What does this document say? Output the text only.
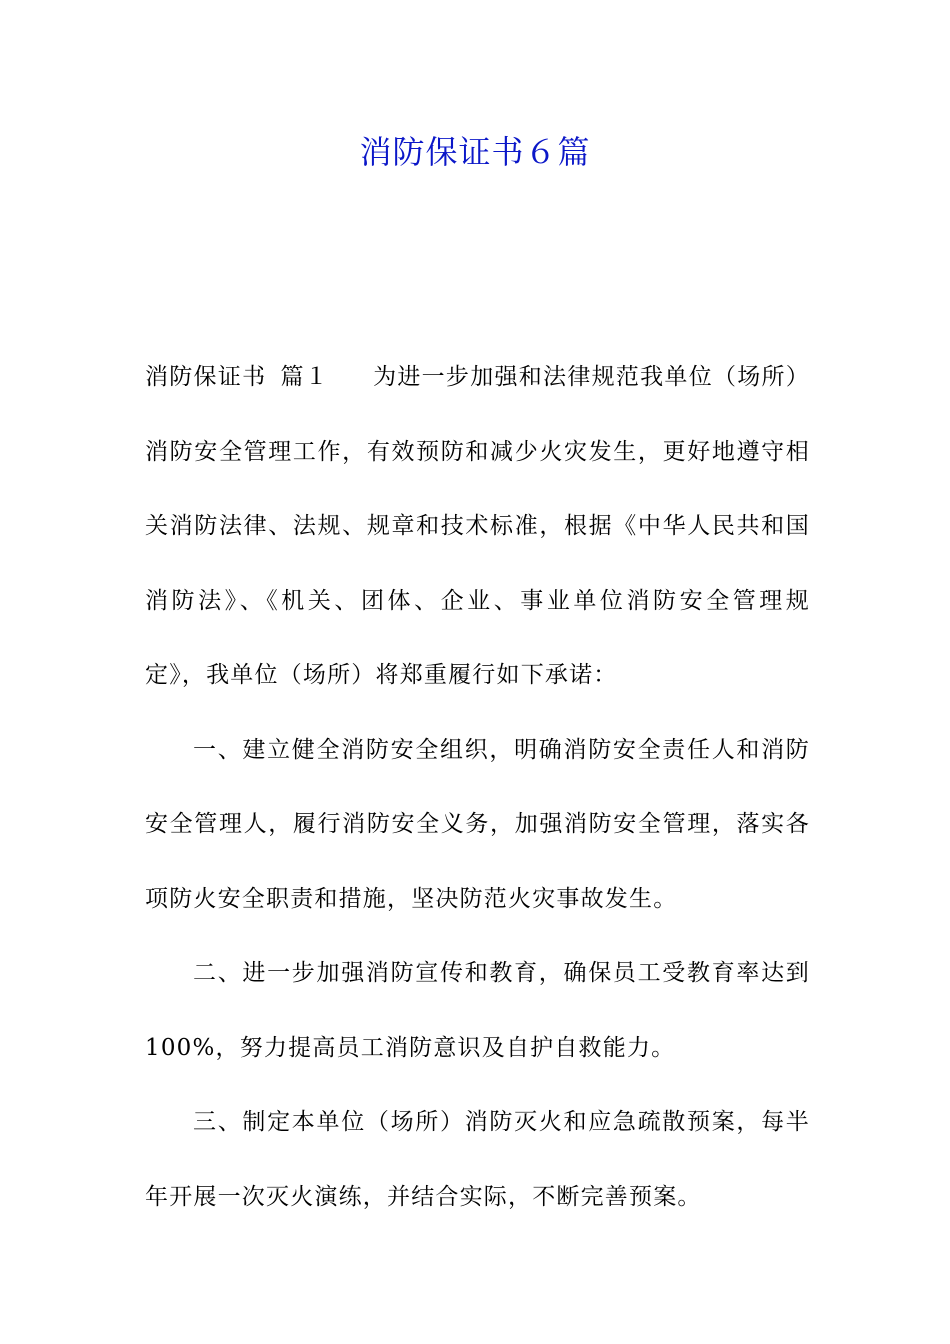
消防保证书６篇

消防保证书 篇１ 为进一步加强和法律规范我单位（场所）消防安全管理工作，有效预防和减少火灾发生，更好地遵守相关消防法律、法规、规章和技术标准，根据《中华人民共和国消防法》、《机关、团体、企业、事业单位消防安全管理规定》，我单位（场所）将郑重履行如下承诺：

一、建立健全消防安全组织，明确消防安全责任人和消防安全管理人，履行消防安全义务，加强消防安全管理，落实各项防火安全职责和措施，坚决防范火灾事故发生。

二、进一步加强消防宣传和教育，确保员工受教育率达到100%，努力提高员工消防意识及自护自救能力。

三、制定本单位（场所）消防灭火和应急疏散预案，每半年开展一次灭火演练，并结合实际，不断完善预案。
